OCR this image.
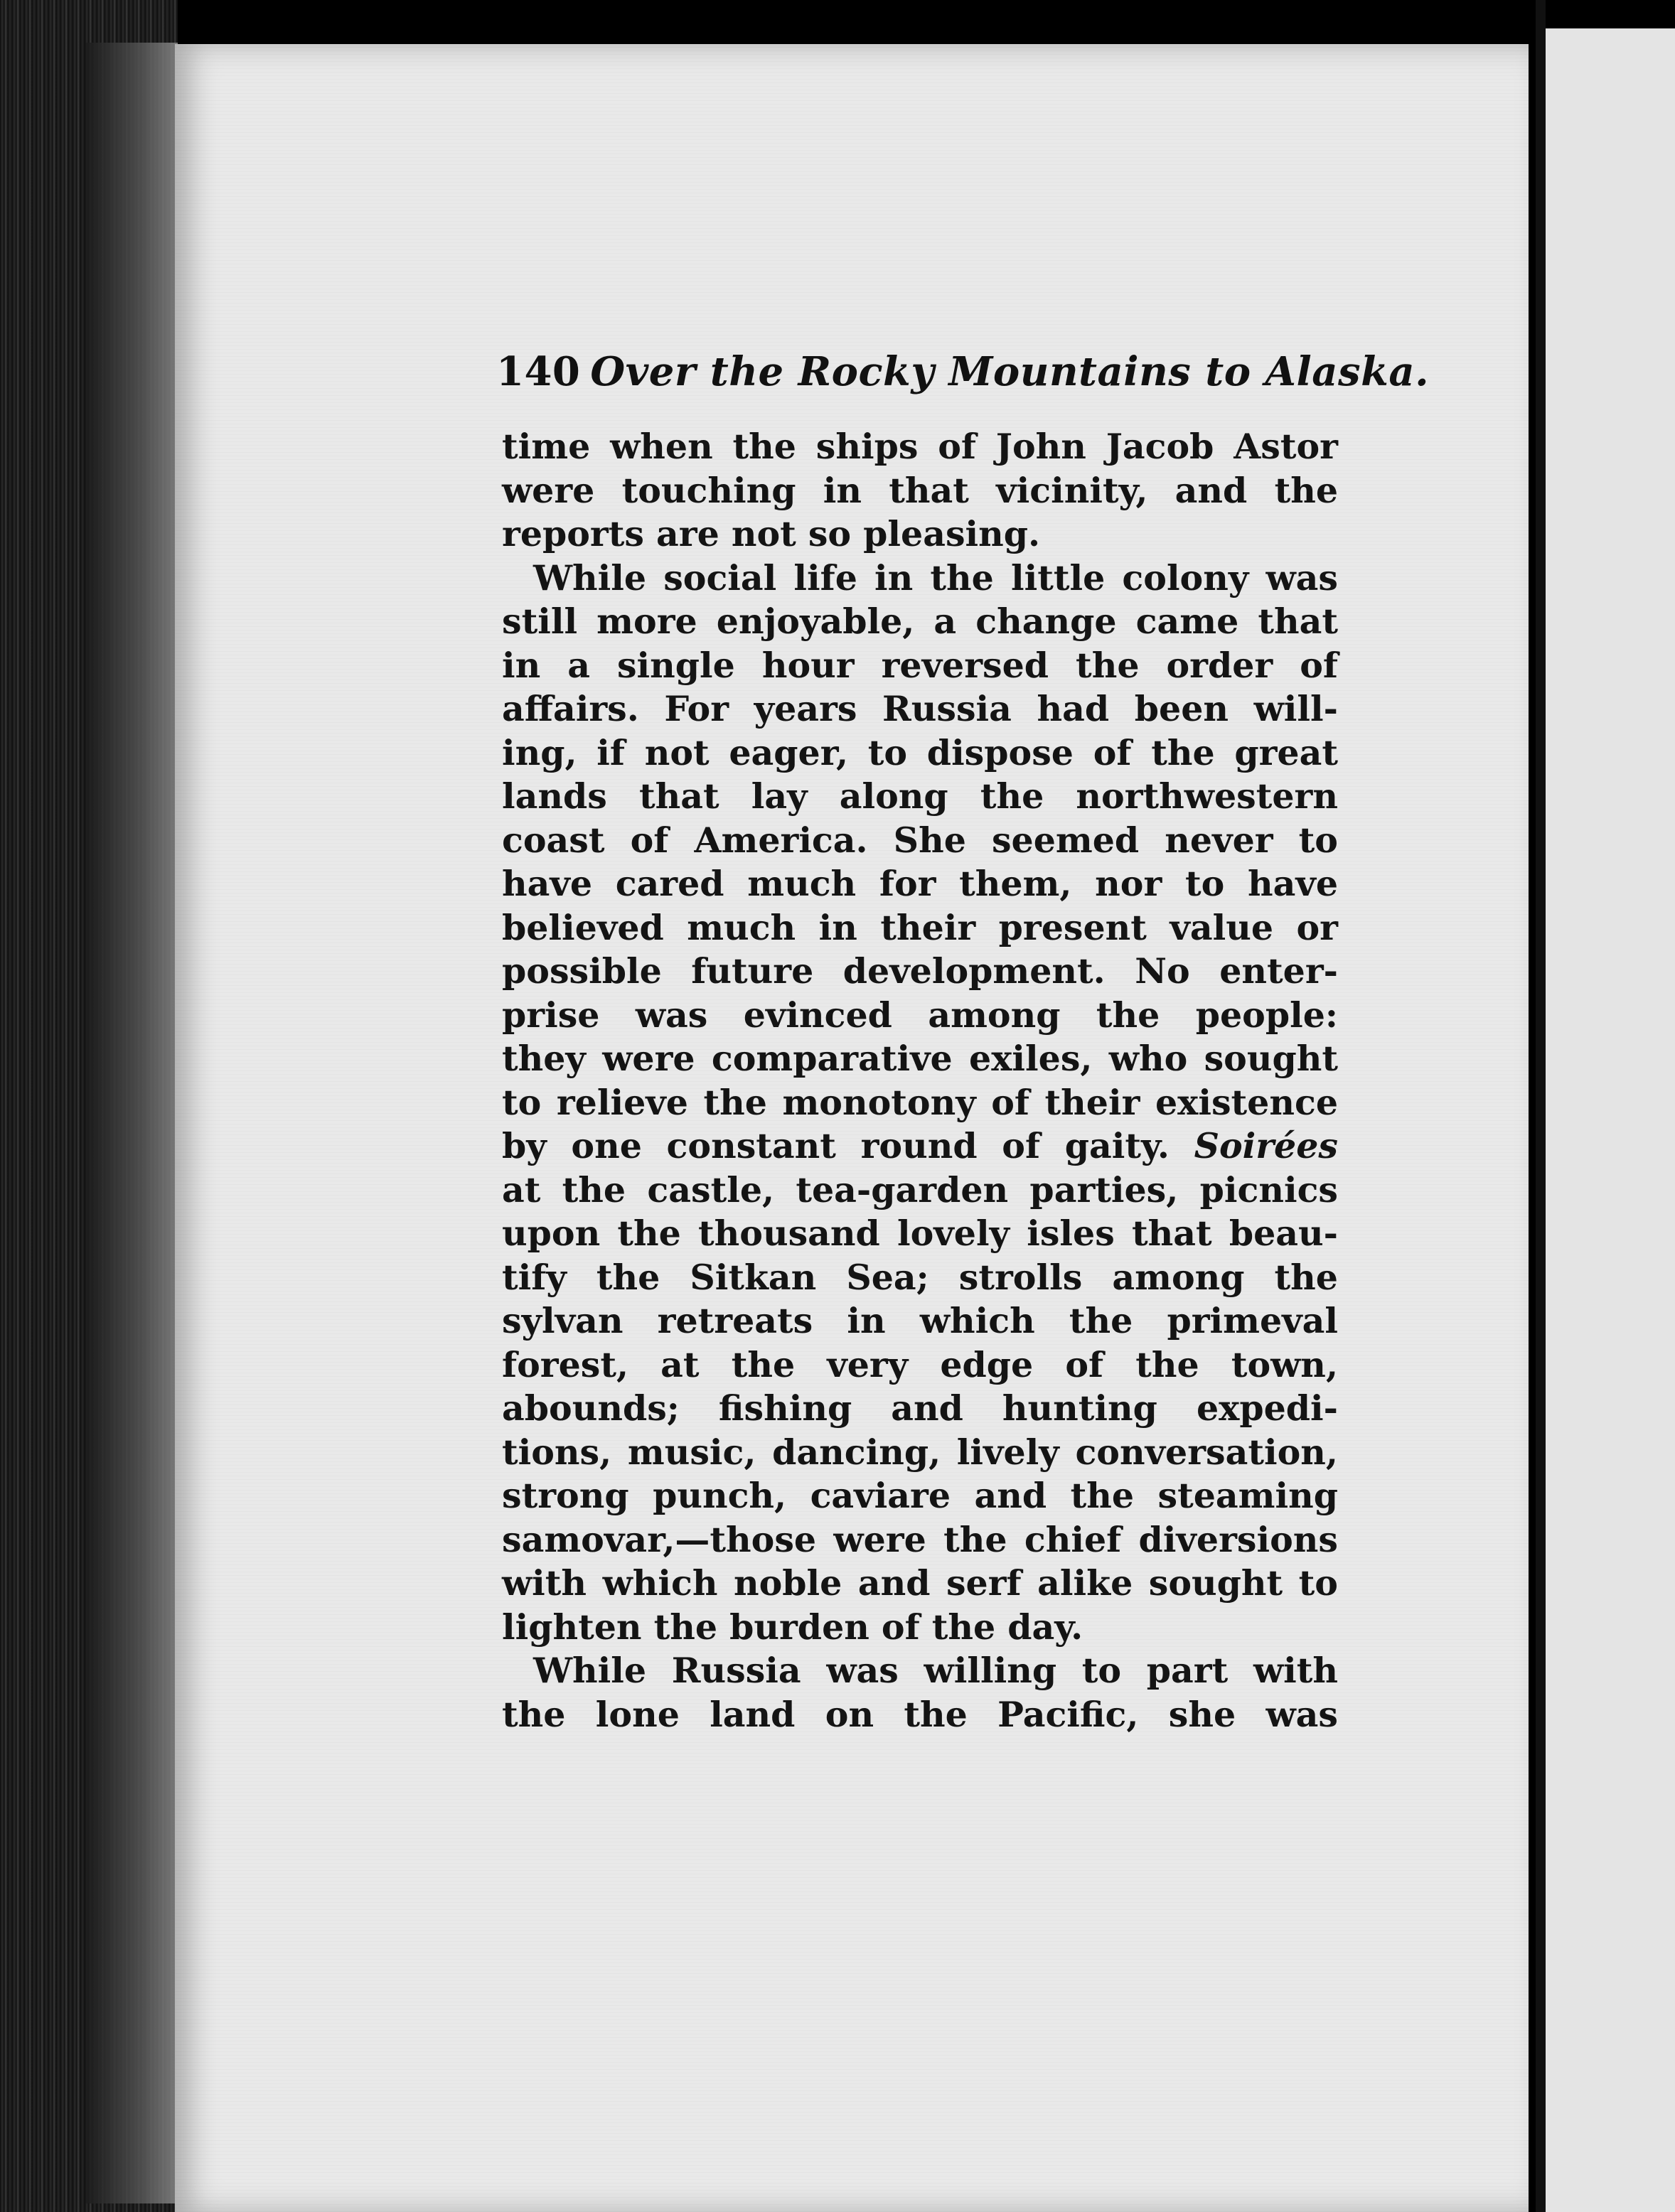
140 Over the Rocky Mountains to Alaska.
time when the ships of John Jacob Astor
were touching in that vicinity, and the
reports are not so pleasing.
While social life in the little colony was
still more enjoyable, a change came that
in a single hour reversed the order of
affairs. For years Russia had been will-
ing, if not eager, to dispose of the great
lands that lay along the northwestern
coast of America. She seemed never to
have cared much for them, nor to have
believed much in their present value or
possible future development. No enter-
prise was evinced among the people:
they were comparative exiles, who sought
to relieve the monotony of their existence
by one constant round of gaity. Soirées
at the castle, tea-garden parties, picnics
upon the thousand lovely isles that beau-
tify the Sitkan Sea; strolls among the
sylvan retreats in which the primeval
forest, at the very edge of the town,
abounds; fishing and hunting expedi-
tions, music, dancing, lively conversation,
strong punch, caviare and the steaming
samovar,—those were the chief diversions
with which noble and serf alike sought to
lighten the burden of the day.
While Russia was willing to part with
the lone land on the Pacific, she was
